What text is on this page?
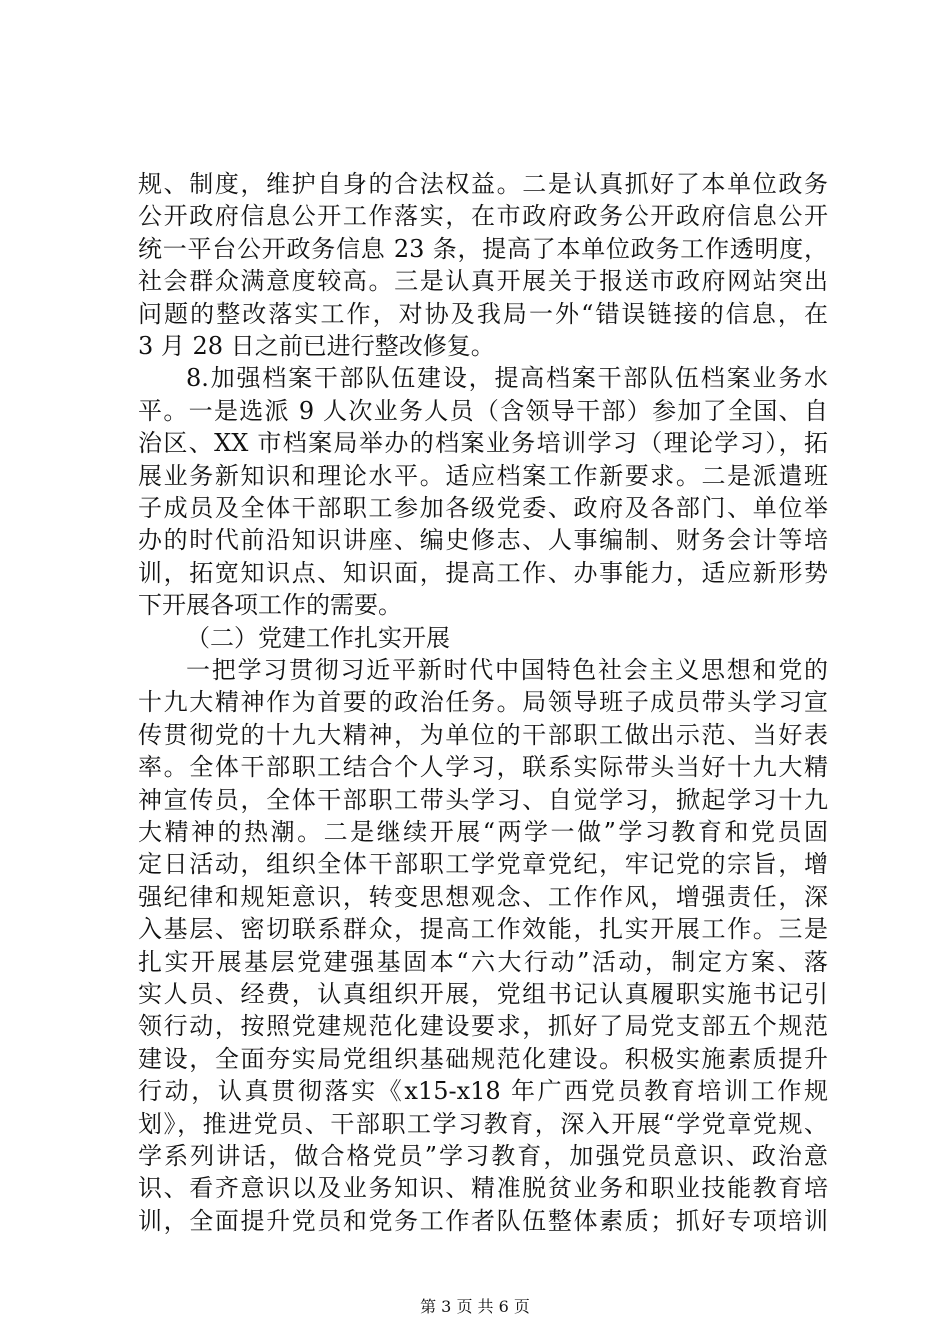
规、制度，维护自身的合法权益。二是认真抓好了本单位政务
公开政府信息公开工作落实，在市政府政务公开政府信息公开
统一平台公开政务信息 23 条，提高了本单位政务工作透明度，
社会群众满意度较高。三是认真开展关于报送市政府网站突出
问题的整改落实工作，对协及我局一外“错误链接的信息，在
3 月 28 日之前已进行整改修复。
8.加强档案干部队伍建设，提高档案干部队伍档案业务水
平。一是选派 9 人次业务人员（含领导干部）参加了全国、自
治区、XX 市档案局举办的档案业务培训学习（理论学习），拓
展业务新知识和理论水平。适应档案工作新要求。二是派遣班
子成员及全体干部职工参加各级党委、政府及各部门、单位举
办的时代前沿知识讲座、编史修志、人事编制、财务会计等培
训，拓宽知识点、知识面，提高工作、办事能力，适应新形势
下开展各项工作的需要。
（二）党建工作扎实开展
一把学习贯彻习近平新时代中国特色社会主义思想和党的
十九大精神作为首要的政治任务。局领导班子成员带头学习宣
传贯彻党的十九大精神，为单位的干部职工做出示范、当好表
率。全体干部职工结合个人学习，联系实际带头当好十九大精
神宣传员，全体干部职工带头学习、自觉学习，掀起学习十九
大精神的热潮。二是继续开展“两学一做”学习教育和党员固
定日活动，组织全体干部职工学党章党纪，牢记党的宗旨，增
强纪律和规矩意识，转变思想观念、工作作风，增强责任，深
入基层、密切联系群众，提高工作效能，扎实开展工作。三是
扎实开展基层党建强基固本“六大行动”活动，制定方案、落
实人员、经费，认真组织开展，党组书记认真履职实施书记引
领行动，按照党建规范化建设要求，抓好了局党支部五个规范
建设，全面夯实局党组织基础规范化建设。积极实施素质提升
行动，认真贯彻落实《x15-x18 年广西党员教育培训工作规
划》，推进党员、干部职工学习教育，深入开展“学党章党规、
学系列讲话，做合格党员”学习教育，加强党员意识、政治意
识、看齐意识以及业务知识、精准脱贫业务和职业技能教育培
训，全面提升党员和党务工作者队伍整体素质；抓好专项培训
第 3 页 共 6 页
